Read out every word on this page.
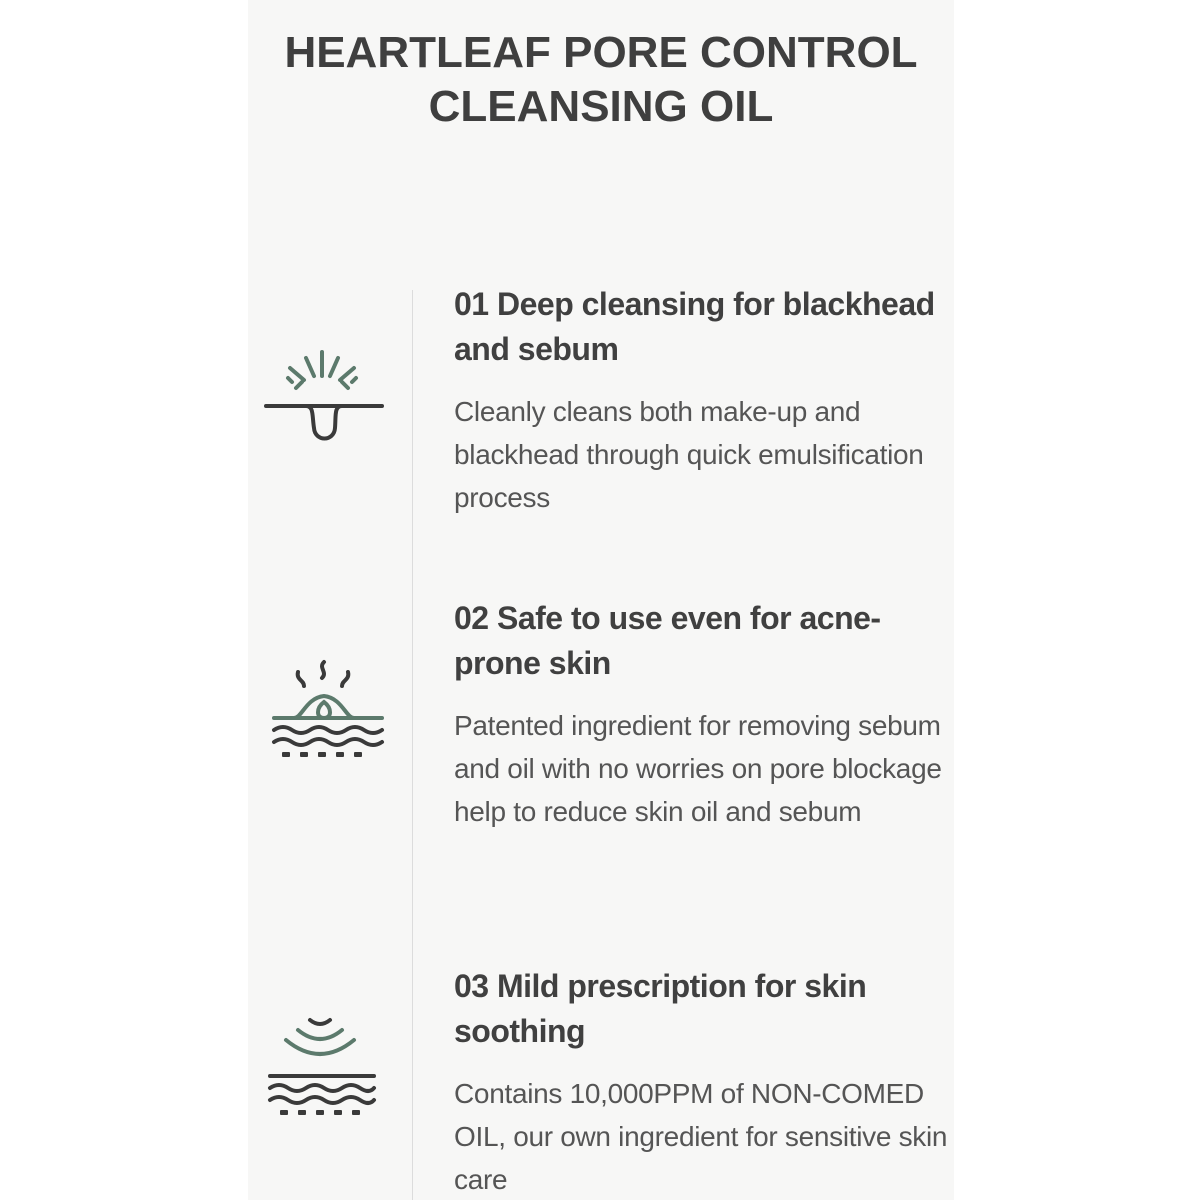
HEARTLEAF PORE CONTROL
CLEANSING OIL
01 Deep cleansing for blackhead and sebum

Cleanly cleans both make-up and blackhead through quick emulsification process

02 Safe to use even for acne-prone skin

Patented ingredient for removing sebum and oil with no worries on pore blockage help to reduce skin oil and sebum

03 Mild prescription for skin soothing

Contains 10,000PPM of NON-COMED OIL, our own ingredient for sensitive skin care
